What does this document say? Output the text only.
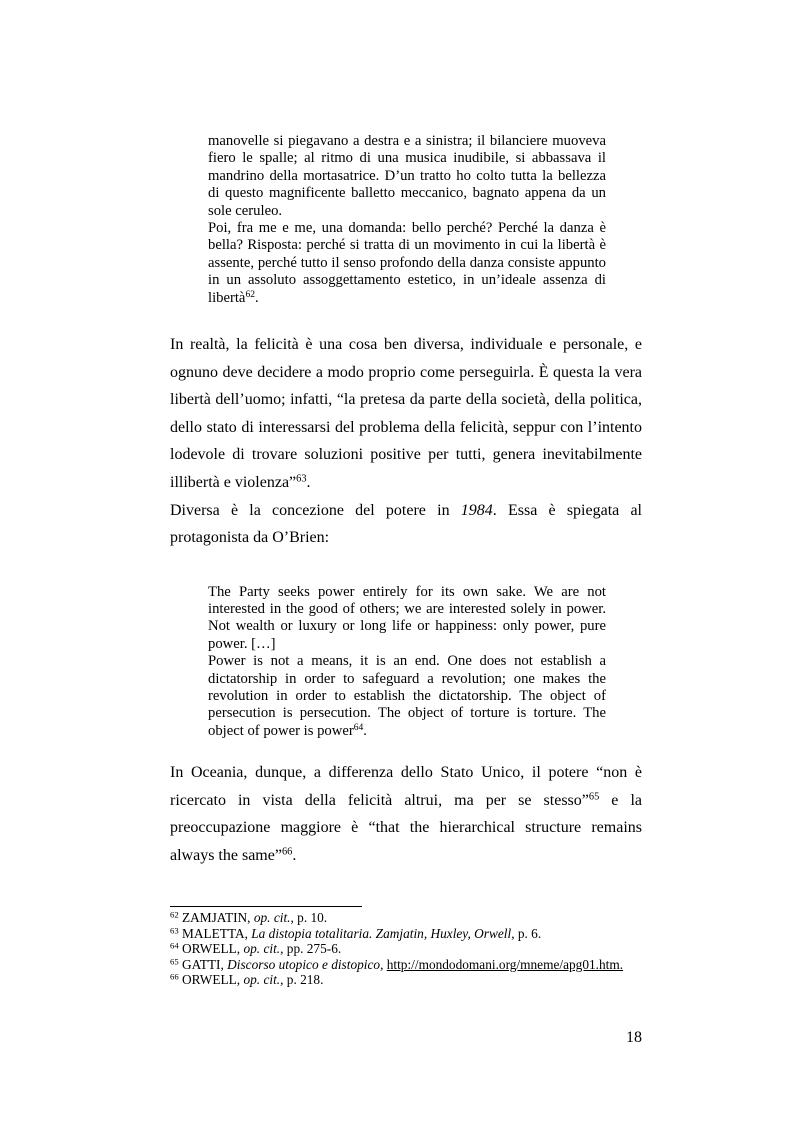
manovelle si piegavano a destra e a sinistra; il bilanciere muoveva
fiero le spalle; al ritmo di una musica inudibile, si abbassava il
mandrino della mortasatrice. D’un tratto ho colto tutta la bellezza
di questo magnificente balletto meccanico, bagnato appena da un
sole ceruleo.
Poi, fra me e me, una domanda: bello perché? Perché la danza è
bella? Risposta: perché si tratta di un movimento in cui la libertà è
assente, perché tutto il senso profondo della danza consiste appunto
in un assoluto assoggettamento estetico, in un’ideale assenza di
libertà$^{62}$.
In realtà, la felicità è una cosa ben diversa, individuale e personale, e
ognuno deve decidere a modo proprio come perseguirla. È questa la vera
libertà dell’uomo; infatti, “la pretesa da parte della società, della politica,
dello stato di interessarsi del problema della felicità, seppur con l’intento
lodevole di trovare soluzioni positive per tutti, genera inevitabilmente
illibertà e violenza”$^{63}$.
Diversa è la concezione del potere in 1984. Essa è spiegata al
protagonista da O’Brien:
The Party seeks power entirely for its own sake. We are not
interested in the good of others; we are interested solely in power.
Not wealth or luxury or long life or happiness: only power, pure
power. […]
Power is not a means, it is an end. One does not establish a
dictatorship in order to safeguard a revolution; one makes the
revolution in order to establish the dictatorship. The object of
persecution is persecution. The object of torture is torture. The
object of power is power$^{64}$.
In Oceania, dunque, a differenza dello Stato Unico, il potere “non è
ricercato in vista della felicità altrui, ma per se stesso”$^{65}$ e la
preoccupazione maggiore è “that the hierarchical structure remains
always the same”$^{66}$.
$^{62}$ ZAMJATIN, op. cit., p. 10.
$^{63}$ MALETTA, La distopia totalitaria. Zamjatin, Huxley, Orwell, p. 6.
$^{64}$ ORWELL, op. cit., pp. 275-6.
$^{65}$ GATTI, Discorso utopico e distopico, http://mondodomani.org/mneme/apg01.htm.
$^{66}$ ORWELL, op. cit., p. 218.
18
